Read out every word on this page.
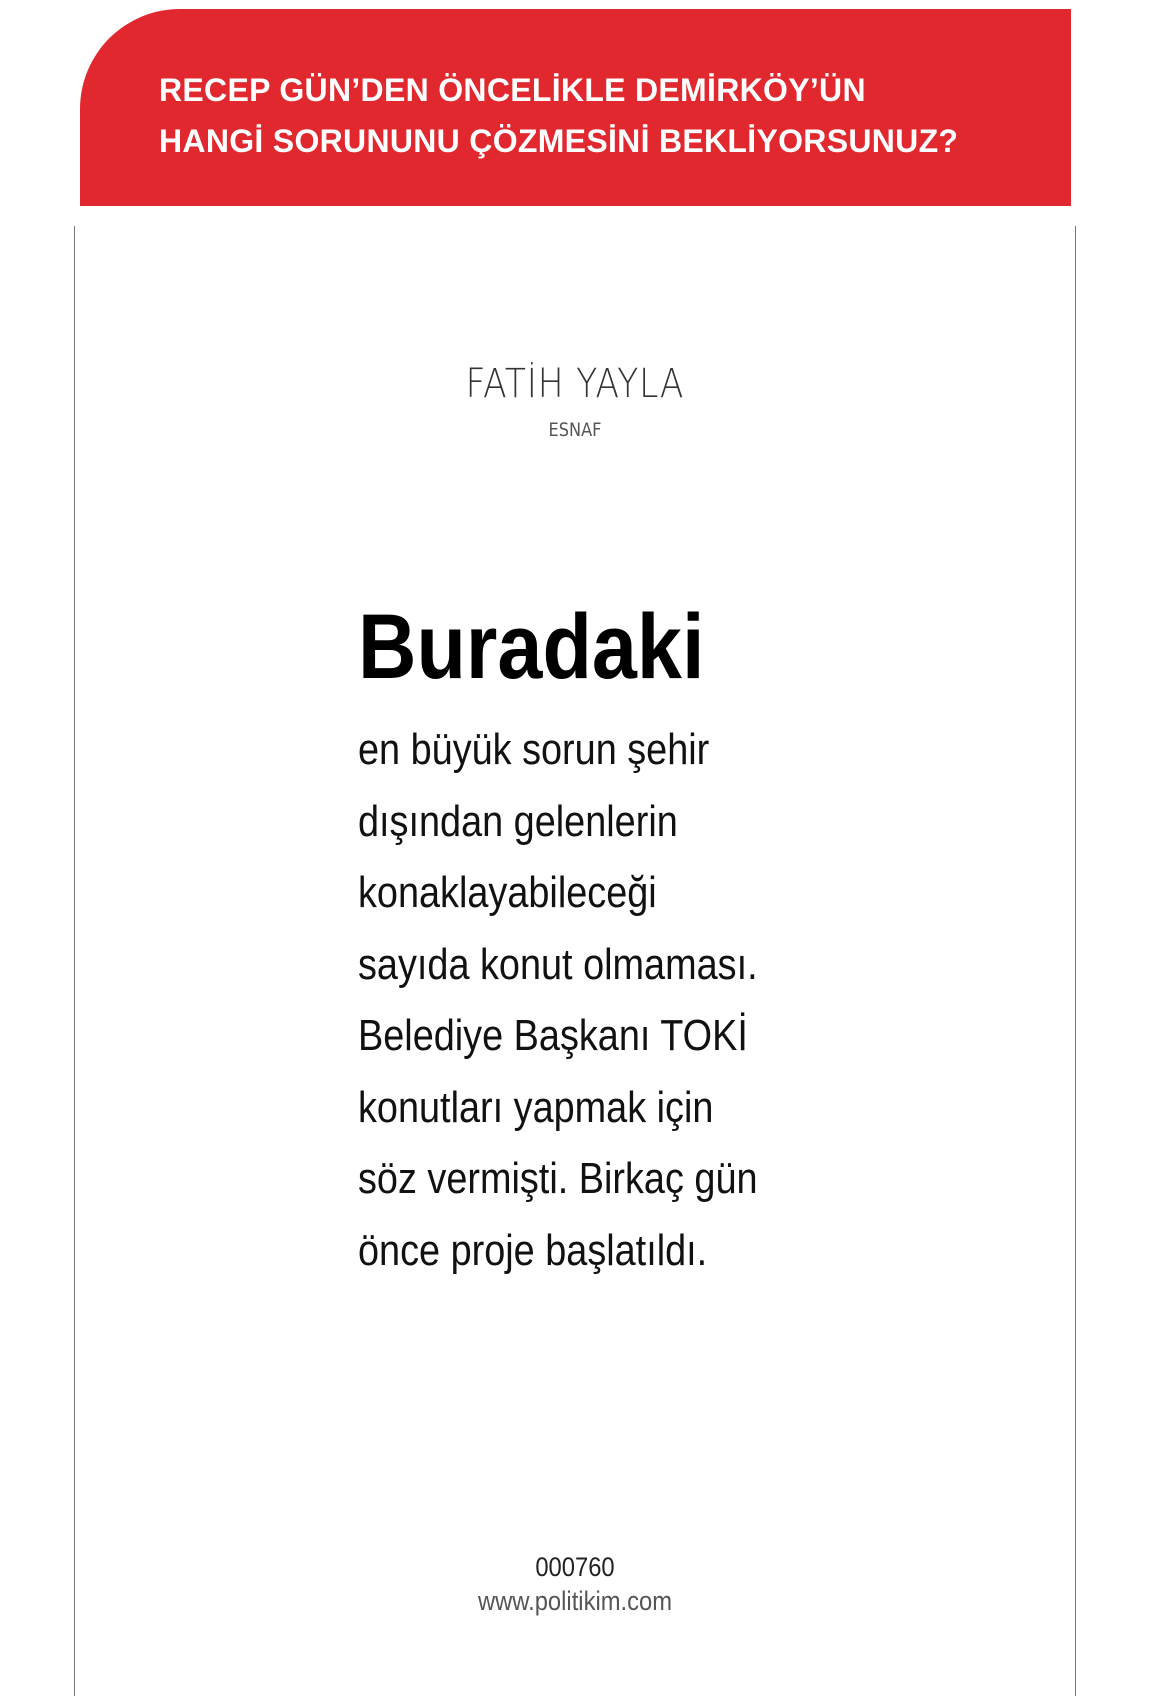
RECEP GÜN’DEN ÖNCELİKLE DEMİRKÖY’ÜN
HANGİ SORUNUNU ÇÖZMESİNİ BEKLİYORSUNUZ?
FATİH YAYLA
ESNAF
Buradaki
en büyük sorun şehir
dışından gelenlerin
konaklayabileceği
sayıda konut olmaması.
Belediye Başkanı TOKİ
konutları yapmak için
söz vermişti. Birkaç gün
önce proje başlatıldı.
000760
www.politikim.com
